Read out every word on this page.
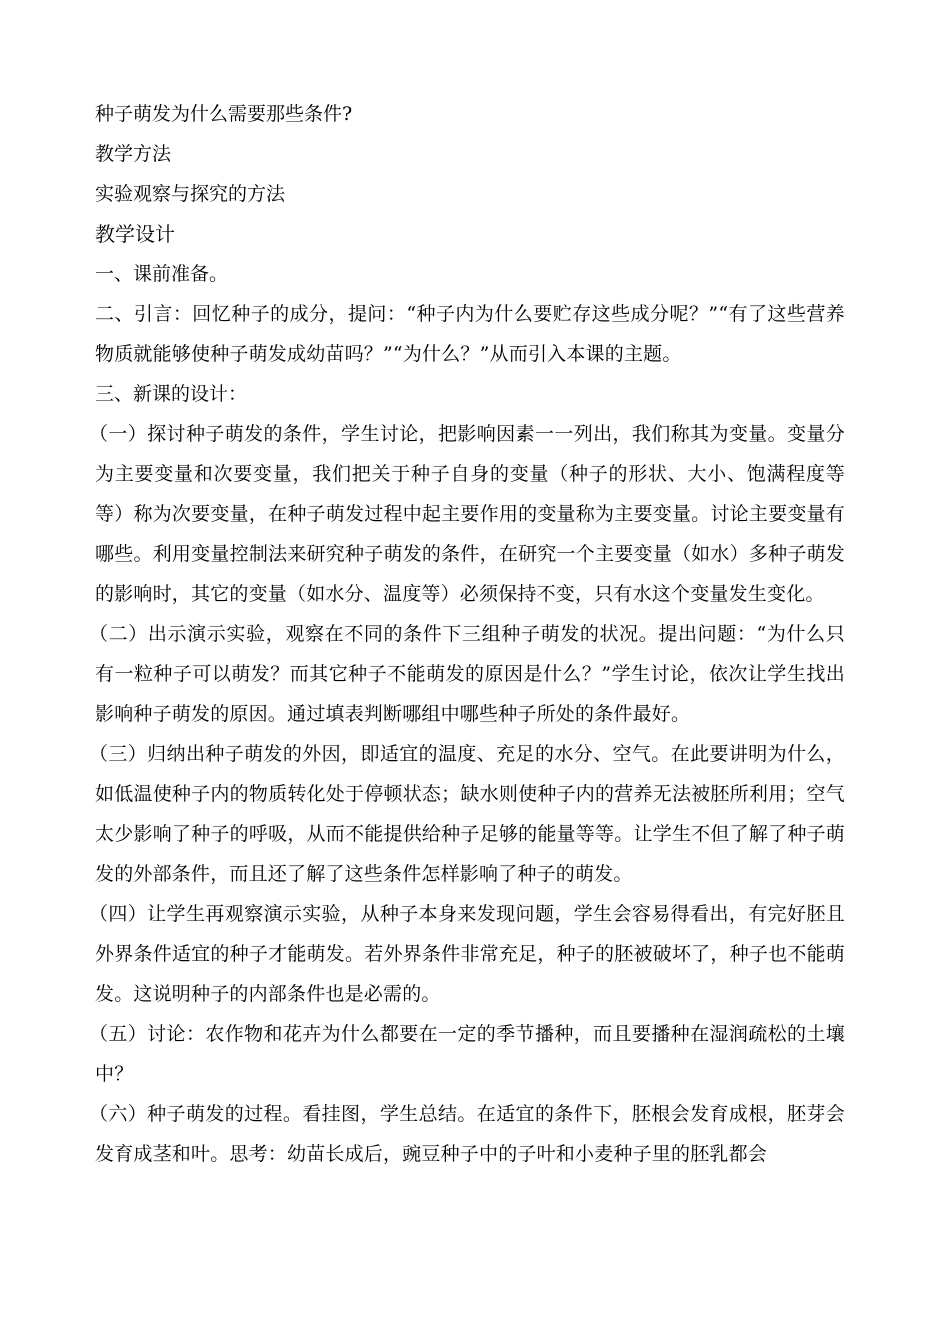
种子萌发为什么需要那些条件?
教学方法
实验观察与探究的方法
教学设计
一、课前准备。
二、引言：回忆种子的成分，提问：“种子内为什么要贮存这些成分呢？”“有了这些营养物质就能够使种子萌发成幼苗吗？”“为什么？”从而引入本课的主题。
三、新课的设计：
（一）探讨种子萌发的条件，学生讨论，把影响因素一一列出，我们称其为变量。变量分为主要变量和次要变量，我们把关于种子自身的变量（种子的形状、大小、饱满程度等等）称为次要变量，在种子萌发过程中起主要作用的变量称为主要变量。讨论主要变量有哪些。利用变量控制法来研究种子萌发的条件，在研究一个主要变量（如水）多种子萌发的影响时，其它的变量（如水分、温度等）必须保持不变，只有水这个变量发生变化。
（二）出示演示实验，观察在不同的条件下三组种子萌发的状况。提出问题：“为什么只有一粒种子可以萌发？而其它种子不能萌发的原因是什么？”学生讨论，依次让学生找出影响种子萌发的原因。通过填表判断哪组中哪些种子所处的条件最好。
（三）归纳出种子萌发的外因，即适宜的温度、充足的水分、空气。在此要讲明为什么，如低温使种子内的物质转化处于停顿状态；缺水则使种子内的营养无法被胚所利用；空气太少影响了种子的呼吸，从而不能提供给种子足够的能量等等。让学生不但了解了种子萌发的外部条件，而且还了解了这些条件怎样影响了种子的萌发。
（四）让学生再观察演示实验，从种子本身来发现问题，学生会容易得看出，有完好胚且外界条件适宜的种子才能萌发。若外界条件非常充足，种子的胚被破坏了，种子也不能萌发。这说明种子的内部条件也是必需的。
（五）讨论：农作物和花卉为什么都要在一定的季节播种，而且要播种在湿润疏松的土壤中？
（六）种子萌发的过程。看挂图，学生总结。在适宜的条件下，胚根会发育成根，胚芽会发育成茎和叶。思考：幼苗长成后，豌豆种子中的子叶和小麦种子里的胚乳都会
